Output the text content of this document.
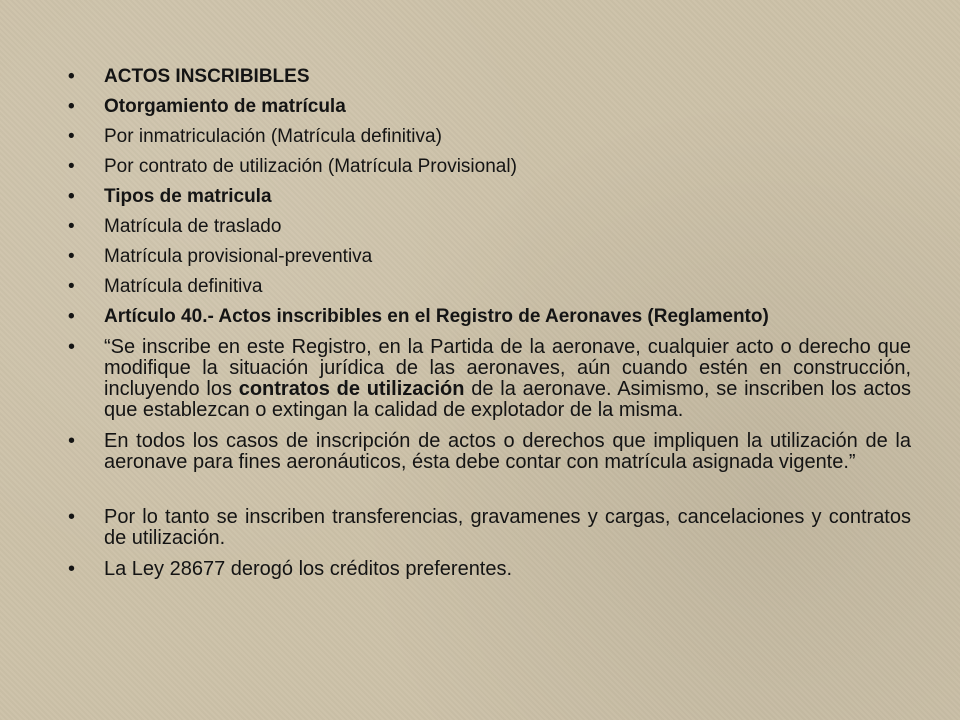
•	ACTOS INSCRIBIBLES
•	Otorgamiento de matrícula
•	Por inmatriculación (Matrícula definitiva)
•	Por contrato de utilización (Matrícula Provisional)
•	Tipos de matricula
•	Matrícula de traslado
•	Matrícula provisional-preventiva
•	Matrícula definitiva
•	Artículo 40.- Actos inscribibles en el Registro de Aeronaves (Reglamento)
•	“Se inscribe en este Registro, en la Partida de la aeronave, cualquier acto o derecho que modifique la situación jurídica de las aeronaves, aún cuando estén en construcción, incluyendo los contratos de utilización de la aeronave. Asimismo, se inscriben los actos que establezcan o extingan la calidad de explotador de la misma.
•	En todos los casos de inscripción de actos o derechos que impliquen la utilización de la aeronave para fines aeronáuticos, ésta debe contar con matrícula asignada vigente.”
•	Por lo tanto se inscriben transferencias, gravamenes y cargas, cancelaciones y contratos de utilización.
•	La Ley 28677 derogó los créditos preferentes.
